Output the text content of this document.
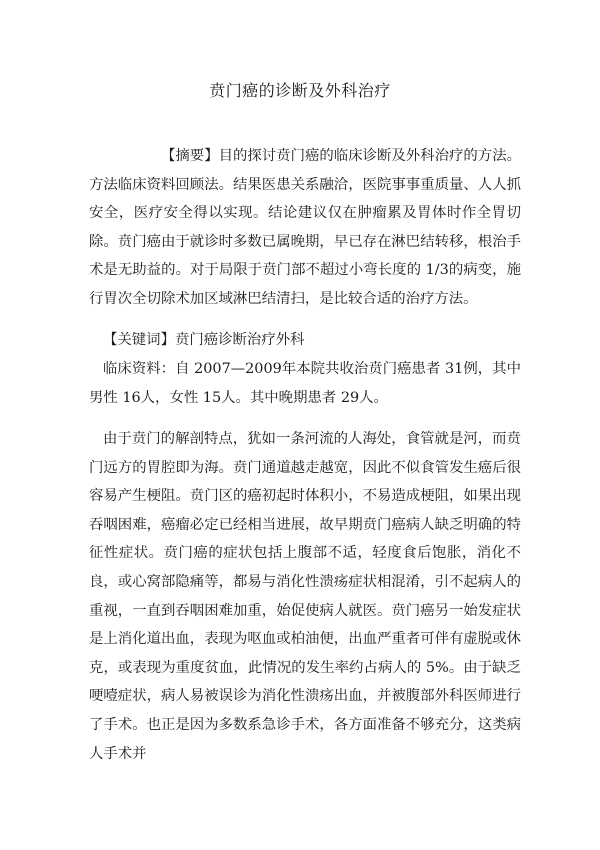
贲门癌的诊断及外科治疗
【摘要】目的探讨贲门癌的临床诊断及外科治疗的方法。方法临床资料回顾法。结果医患关系融洽，医院事事重质量、人人抓安全，医疗安全得以实现。结论建议仅在肿瘤累及胃体时作全胃切除。贲门癌由于就诊时多数已属晚期，早已存在淋巴结转移，根治手术是无助益的。对于局限于贲门部不超过小弯长度的 1/3的病变，施行胃次全切除术加区域淋巴结清扫，是比较合适的治疗方法。
【关键词】贲门癌诊断治疗外科
临床资料：自 2007—2009年本院共收治贲门癌患者 31例，其中男性 16人，女性 15人。其中晚期患者 29人。
由于贲门的解剖特点，犹如一条河流的人海处，食管就是河，而贲门远方的胃腔即为海。贲门通道越走越宽，因此不似食管发生癌后很容易产生梗阻。贲门区的癌初起时体积小，不易造成梗阻，如果出现吞咽困难，癌瘤必定已经相当进展，故早期贲门癌病人缺乏明确的特征性症状。贲门癌的症状包括上腹部不适，轻度食后饱胀，消化不良，或心窝部隐痛等，都易与消化性溃疡症状相混淆，引不起病人的重视，一直到吞咽困难加重，始促使病人就医。贲门癌另一始发症状是上消化道出血，表现为呕血或柏油便，出血严重者可伴有虚脱或休克，或表现为重度贫血，此情况的发生率约占病人的 5%。由于缺乏哽噎症状，病人易被误诊为消化性溃疡出血，并被腹部外科医师进行了手术。也正是因为多数系急诊手术，各方面准备不够充分，这类病人手术并
